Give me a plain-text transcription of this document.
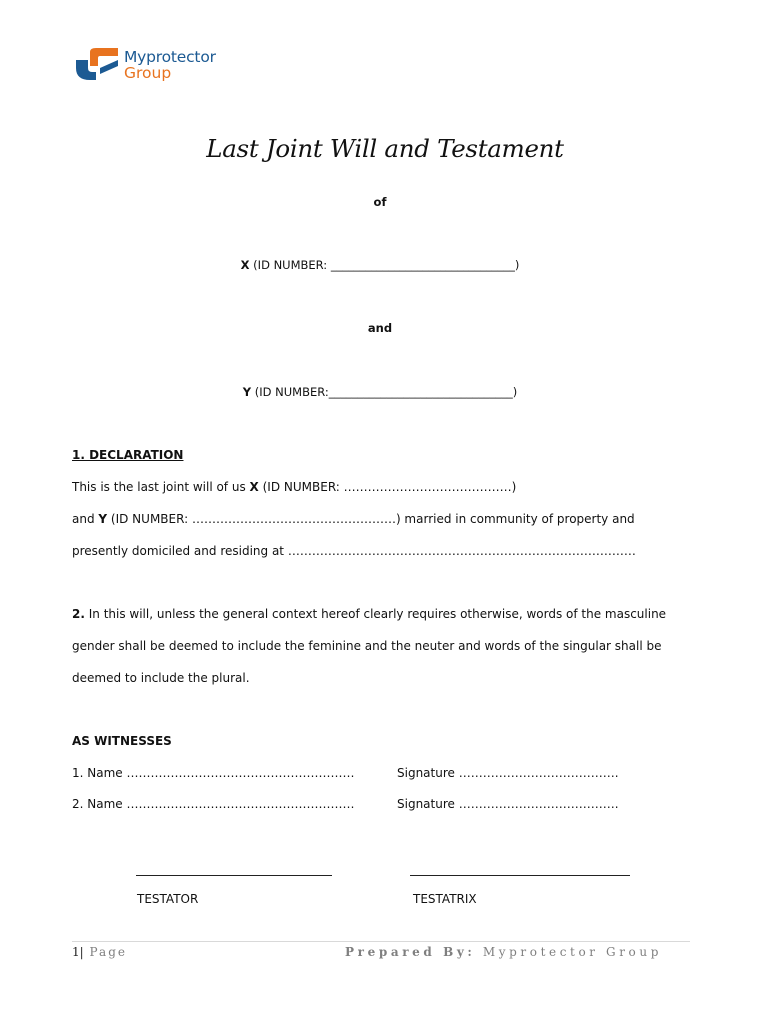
Myprotector
Group
Last Joint Will and Testament
of
X (ID NUMBER: ________________________________)
and
Y (ID NUMBER:________________________________)
1. DECLARATION
This is the last joint will of us X (ID NUMBER: ……………………………………)
and Y (ID NUMBER: ……………………………………………) married in community of property and
presently domiciled and residing at ……………………………………………………………………………
2. In this will, unless the general context hereof clearly requires otherwise, words of the masculine
gender shall be deemed to include the feminine and the neuter and words of the singular shall be
deemed to include the plural.
AS WITNESSES
1. Name …………………………………………………	Signature ………………………………….
2. Name …………………………………………………	Signature ………………………………….
TESTATOR	TESTATRIX
1| Page	Prepared By: Myprotector Group
